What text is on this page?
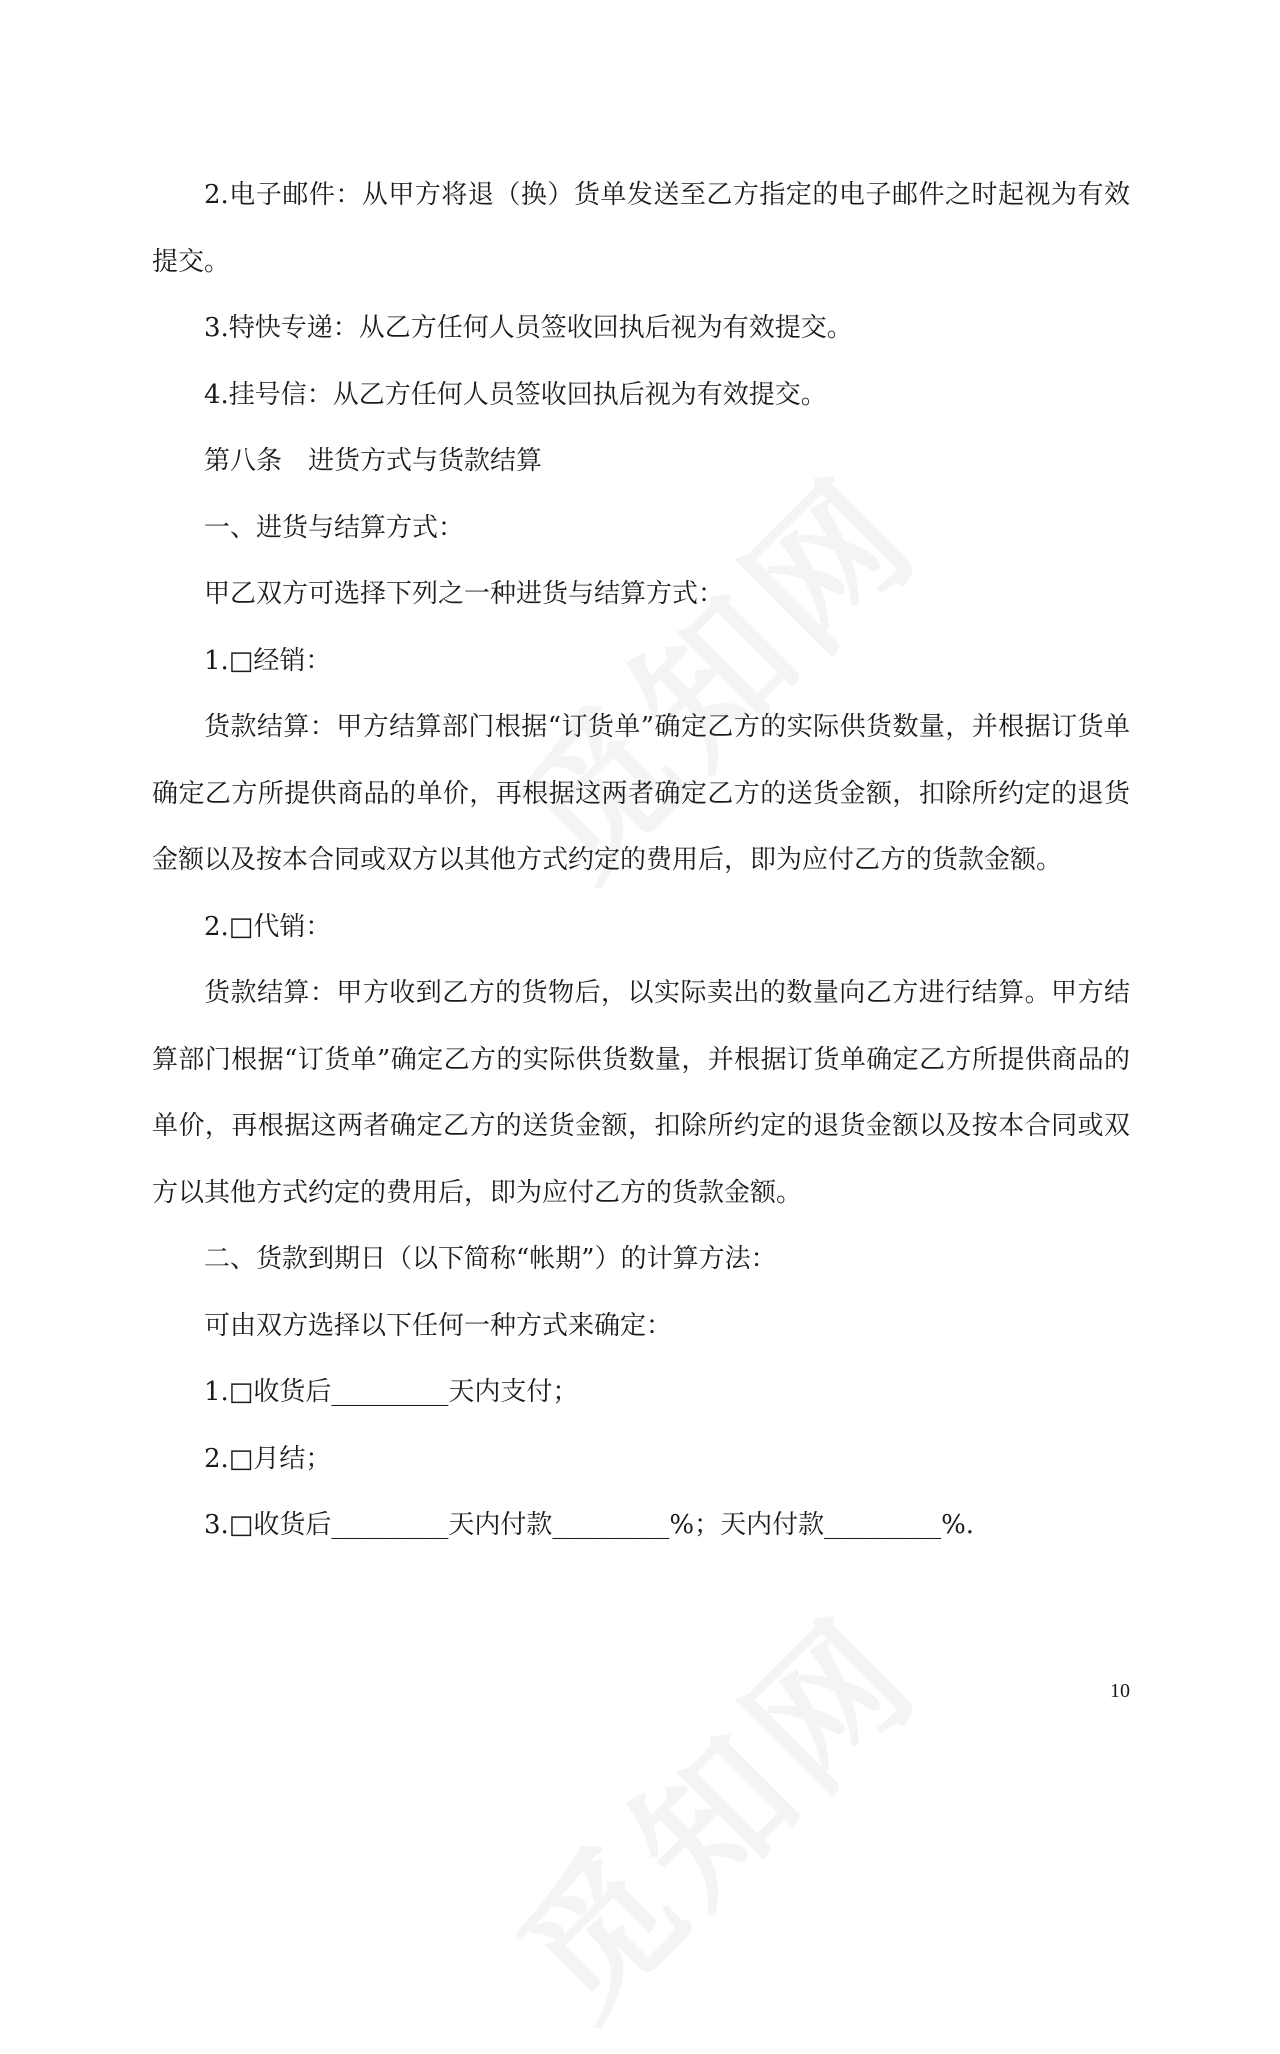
2.电子邮件：从甲方将退（换）货单发送至乙方指定的电子邮件之时起视为有效提交。

3.特快专递：从乙方任何人员签收回执后视为有效提交。

4.挂号信：从乙方任何人员签收回执后视为有效提交。

第八条　进货方式与货款结算

一、进货与结算方式：

甲乙双方可选择下列之一种进货与结算方式：

1.□经销：

货款结算：甲方结算部门根据“订货单”确定乙方的实际供货数量，并根据订货单确定乙方所提供商品的单价，再根据这两者确定乙方的送货金额，扣除所约定的退货金额以及按本合同或双方以其他方式约定的费用后，即为应付乙方的货款金额。

2.□代销：

货款结算：甲方收到乙方的货物后，以实际卖出的数量向乙方进行结算。甲方结算部门根据“订货单”确定乙方的实际供货数量，并根据订货单确定乙方所提供商品的单价，再根据这两者确定乙方的送货金额，扣除所约定的退货金额以及按本合同或双方以其他方式约定的费用后，即为应付乙方的货款金额。

二、货款到期日（以下简称“帐期”）的计算方法：

可由双方选择以下任何一种方式来确定：

1.□收货后_________天内支付；

2.□月结；

3.□收货后_________天内付款_________%；天内付款_________%.

10
